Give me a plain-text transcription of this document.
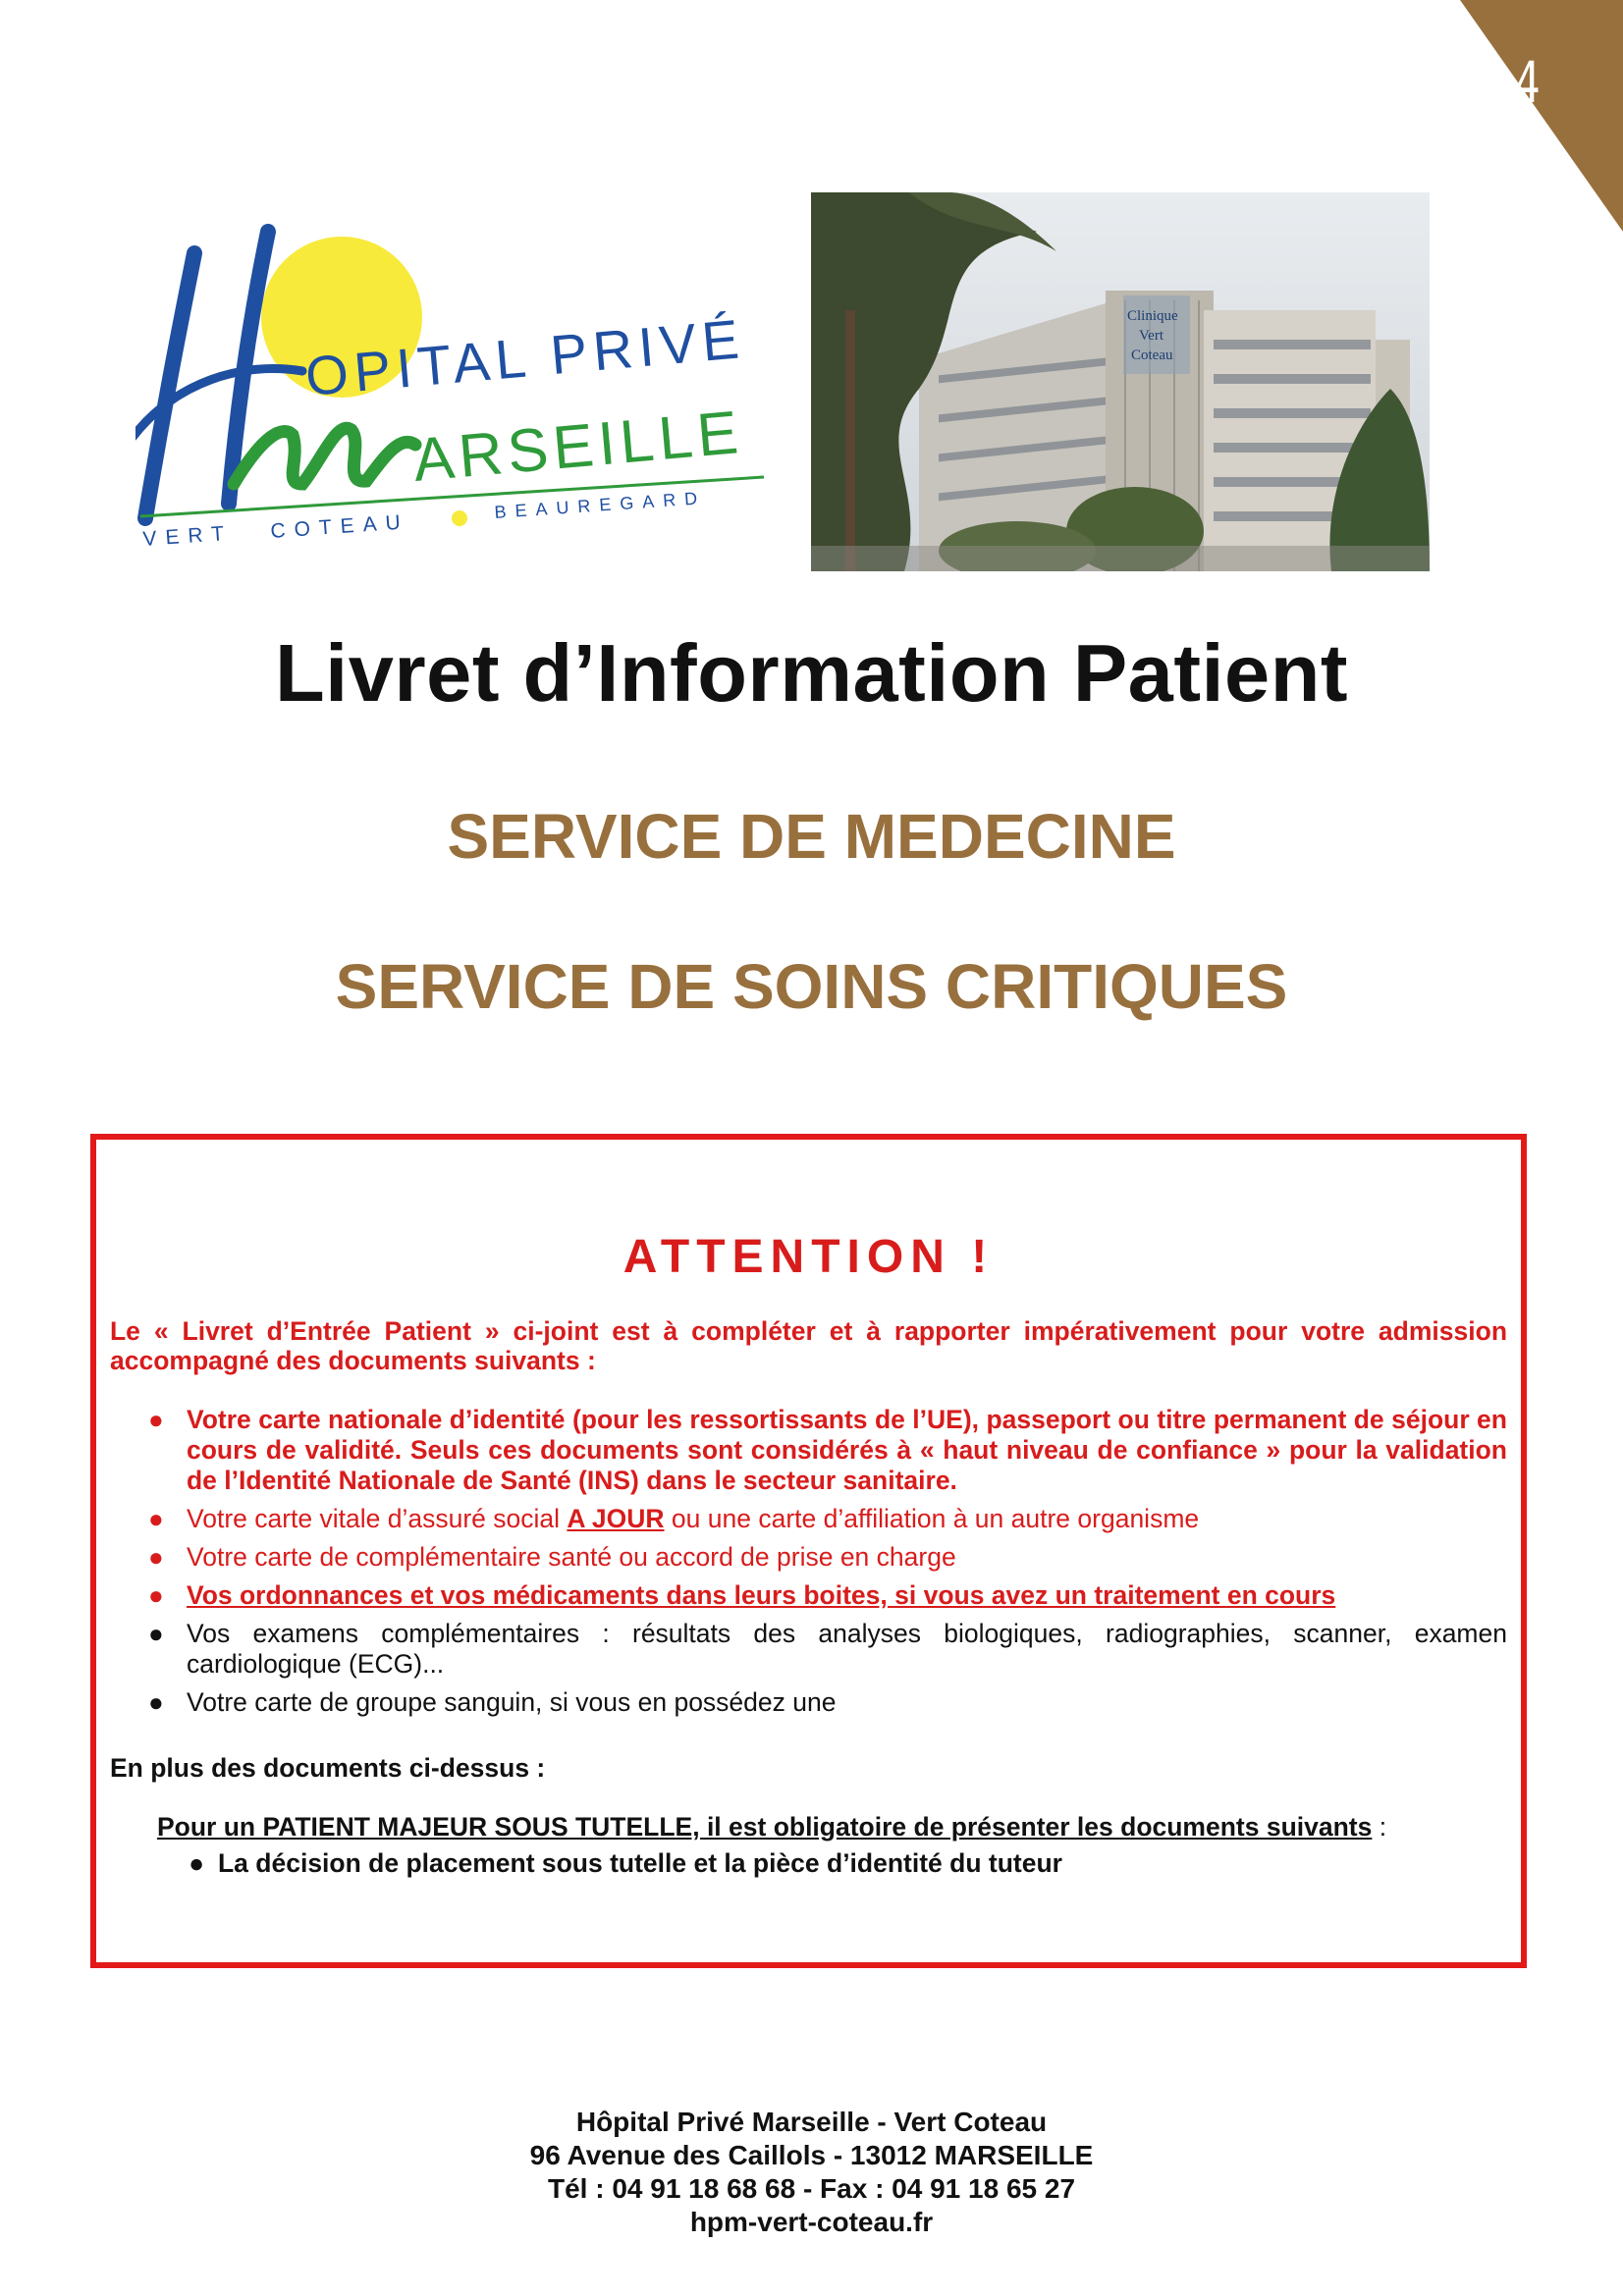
4
OPITAL PRIVÉ
ARSEILLE
VERT COTEAU
BEAUREGARD
Clinique
Vert
Coteau
Livret d’Information Patient
SERVICE DE MEDECINE
SERVICE DE SOINS CRITIQUES
ATTENTION !
Le « Livret d’Entrée Patient » ci-joint est à compléter et à rapporter impérativement pour votre admission accompagné des documents suivants :
● Votre carte nationale d’identité (pour les ressortissants de l’UE), passeport ou titre permanent de séjour en cours de validité. Seuls ces documents sont considérés à « haut niveau de confiance » pour la validation de l’Identité Nationale de Santé (INS) dans le secteur sanitaire.
● Votre carte vitale d’assuré social A JOUR ou une carte d’affiliation à un autre organisme
● Votre carte de complémentaire santé ou accord de prise en charge
● Vos ordonnances et vos médicaments dans leurs boites, si vous avez un traitement en cours
● Vos examens complémentaires : résultats des analyses biologiques, radiographies, scanner, examen cardiologique (ECG)...
● Votre carte de groupe sanguin, si vous en possédez une
En plus des documents ci-dessus :
Pour un PATIENT MAJEUR SOUS TUTELLE, il est obligatoire de présenter les documents suivants :
● La décision de placement sous tutelle et la pièce d’identité du tuteur
Hôpital Privé Marseille - Vert Coteau
96 Avenue des Caillols - 13012 MARSEILLE
Tél : 04 91 18 68 68 - Fax : 04 91 18 65 27
hpm-vert-coteau.fr
